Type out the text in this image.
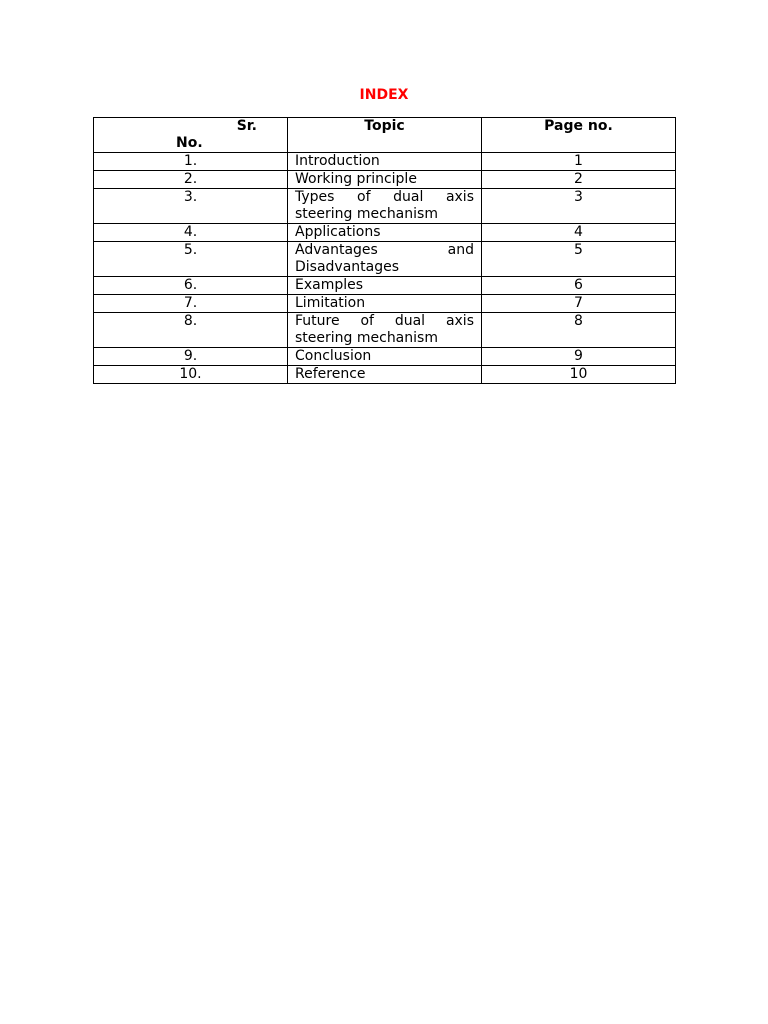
INDEX
Sr.
No.	Topic	Page no.
1.	Introduction	1
2.	Working principle	2
3.	Types of dual axis steering mechanism	3
4.	Applications	4
5.	Advantages and Disadvantages	5
6.	Examples	6
7.	Limitation	7
8.	Future of dual axis steering mechanism	8
9.	Conclusion	9
10.	Reference	10
